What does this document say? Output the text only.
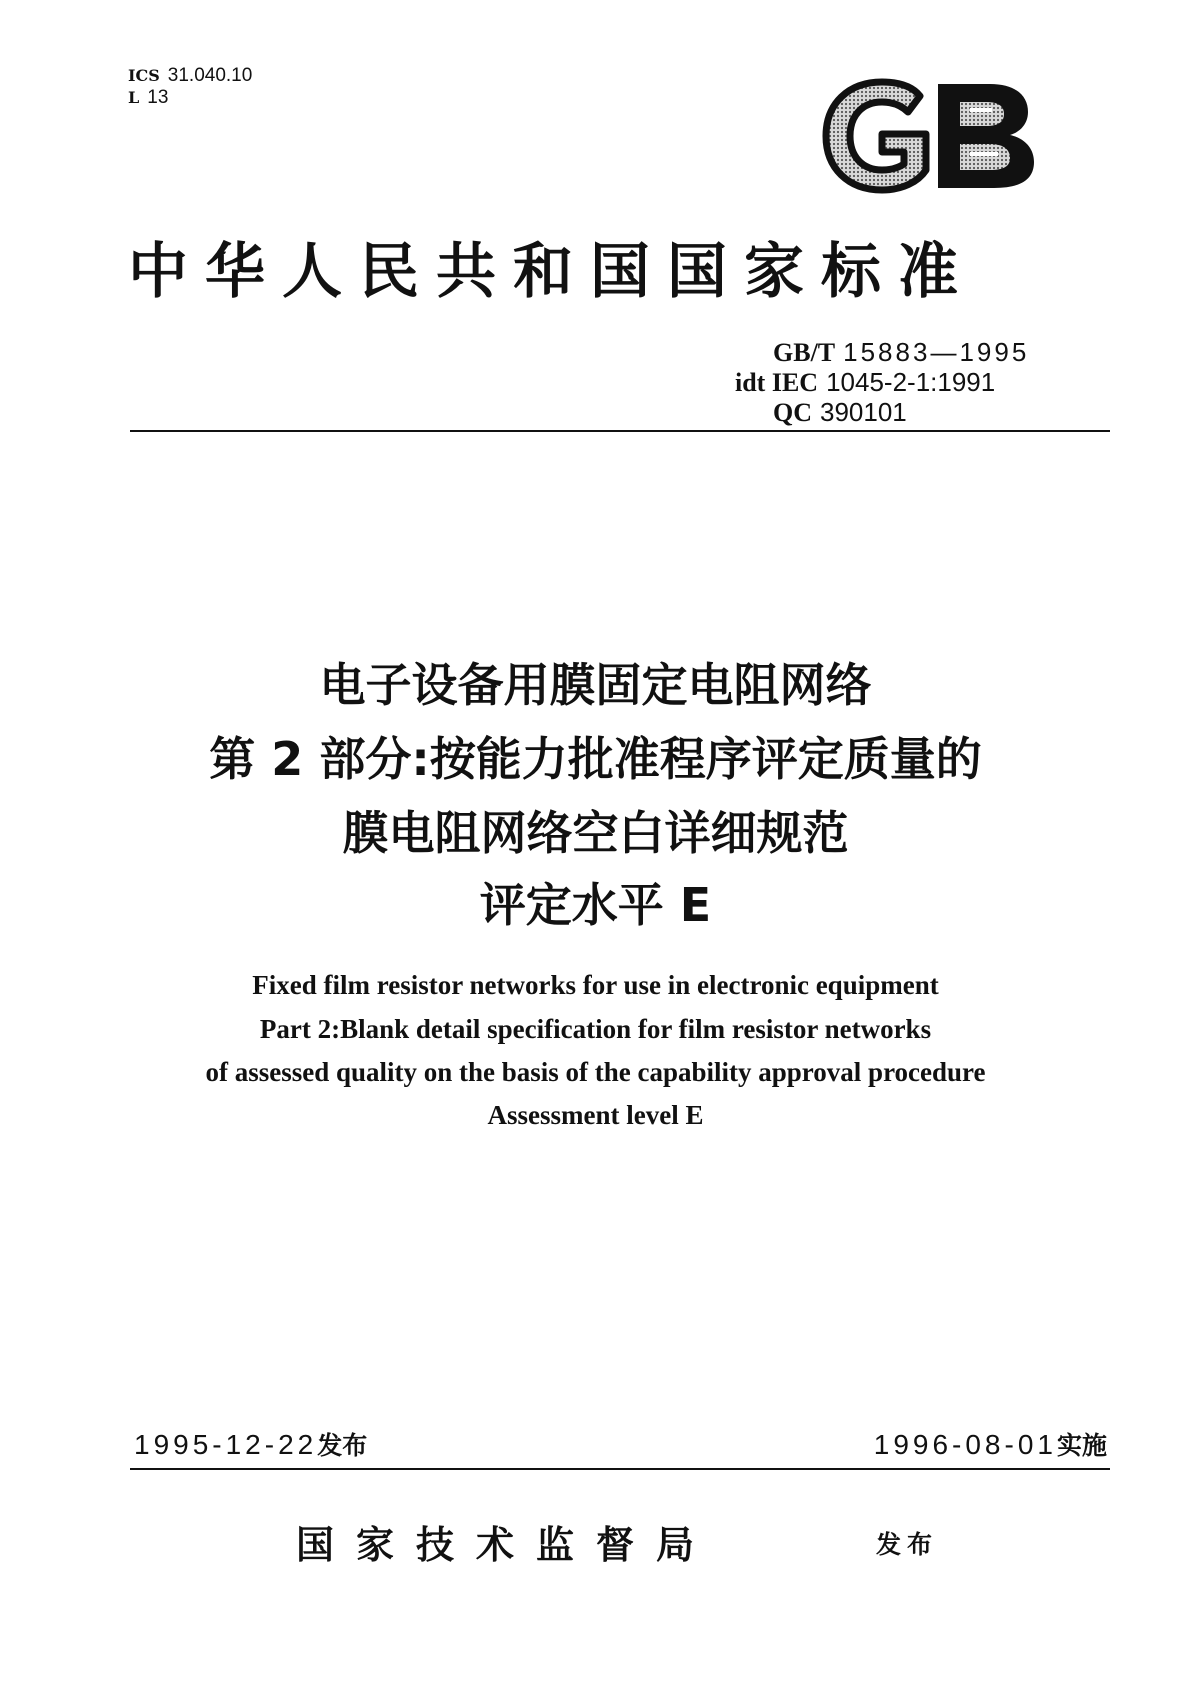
ICS 31.040.10
L 13
中华人民共和国国家标准
GB/T 15883—1995
idt IEC 1045-2-1:1991
QC 390101
电子设备用膜固定电阻网络
第 2 部分:按能力批准程序评定质量的
膜电阻网络空白详细规范
评定水平 E
Fixed film resistor networks for use in electronic equipment
Part 2:Blank detail specification for film resistor networks
of assessed quality on the basis of the capability approval procedure
Assessment level E
1995-12-22发布	1996-08-01实施
国家技术监督局	发布
